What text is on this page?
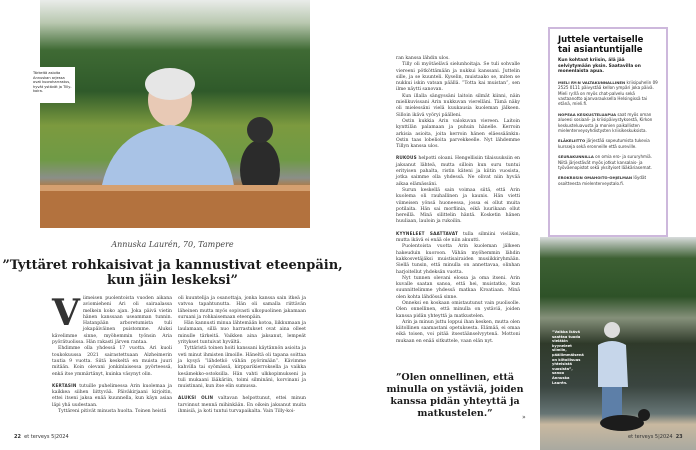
Tärkeitä asioita Annuskan arjessa ovat kuoroharrastus, hyvät ystävät ja Tilly-koira.
Annuska Laurén, 70, Tampere
”Tyttäret rohkaisivat ja kannustivat eteenpäin, kun jäin leskeksi”
V iimeisen puolentoista vuoden aikana aviomieheni Ari oli sairaalassa melkein koko ajan. Joka päivä vietin hänen kanssaan useamman tunnin. Hatanpään arboretumista tuli jokapäiväinen puistomme. Aluksi kävelimme sinne, myöhemmin työnsin Aria pyörätuolissa. Hän rakasti järven rantaa.

Ehdimme olla yhdessä 17 vuotta. Ari kuoli toukokuussa 2021 sairastettuaan Alzheimerin tautia 9 vuotta. Siitä keskeltä en muista juuri mitään. Koin olevani jonkinlaisessa pyörteessä, enkä itse ymmärtänyt, kuinka väsynyt olin.

KERTASIN tutuille puhelimessa Arin kuolemaa ja kaikkea siihen liittyvää. Päiväkirjaani kirjoitin, ettei itseni jaksa enää kuunnella, kun käyn asiaa läpi yhä uudestaan.

Tyttäreni pitivät minusta huolta. Toinen heistä

oli kuuntelija ja osanottaja, jonka kanssa sain itkeä ja vatvoa tapahtunutta. Hän oli samalla riittävän läheinen mutta myös sopivasti ulkopuolinen jakamaan suruani ja rohkaisemaan eteenpäin.

Hän kannusti minua lähtemään kotoa, liikkumaan ja laulamaan, sillä nuo harrastukset ovat aina olleet minulle tärkeitä. Vaikken aina jaksanut, lempeät yritykset tuntuivat hyvältä.

Tyttäristä toinen hoiti kanssani käytännön asioita ja veti minut ihmisten ilmoille. Häneltä oli tapana soittaa ja kysyä ”lähdetkö vähän pyörimään”. Kävimme kahvilla tai syömässä, kirpparikierroksella ja vaikka kesämekko-ostoksilla. Hän vahti ulkkopimukseni ja tuli mukaani lääkäriin, toimi silminäni, korvinani ja muistinani, kun itse elin sumussa.

ALUKSI OLIN valtavan helpottunut, ettei minun tarvinnut mennä mihinkään. En oikein jaksanut muita ihmisiä, ja koti tuntui turvapaikalta. Vain Tilly-koi-

22 et terveys 5|2024

ran kanssa lähdin ulos.

Tilly oli myötäelävä sielunhoitaja. Se tuli sohvalle viereeni pötköttämään ja nukkui kanssani. Juttelin sille, ja se kuunteli. Kyselin, muistaako se, miten se nukkui iskin vatsan päällä. ”Totta kai muistan”, sen ilme näytti sanovan.

Kun illalla sängyssäni laitoin silmät kiinni, näin mielikuvissani Arin nukkuvan vierelläni. Tämä näky oli mielessäni vielä kuukausia kuoleman jälkeen. Silloin ikävä vyöryi päälleni.

Ostin kukkia Arin valokuvan viereen. Laitoin kynttilän palamaan ja puhuin hänelle. Kerroin arkisia asioita, joita kerroin hänen eläessäänkin: Ostin taas lobelioita parvekkeelle. Nyt lähdemme Tillyn kanssa ulos.

RUKOUS helpotti oloani. Hengellisiin tilaisuuksiin en jaksanut lähteä, mutta silloin kun suru tuntui erityisen pahalta, ristin käteni ja kiitin vuosista, jotka saimme olla yhdessä. Ne olivat niin hyvää aikaa elämässäni.

Surun keskellä sain voimaa siitä, että Arin kuolema oli rauhallinen ja kaunis. Hän vietti viimeisen yönsä huoneessa, jossa ei ollut muita potilaita. Hän sai morfiinia, eikä luurikaan ollut hereillä. Minä silittelin häntä. Kosketin hänen huuliaan, lauloin ja rukoilin.

KYYNELEET SAATTAVAT tulla silmiini vieläkin, mutta ikävä ei enää ole niin akuutti.

Puolentoista vuotta Arin kuoleman jälkeen hakeuduin kuoroon. Vähän myöhemmin lähdin kakkosvetäjäksi muistisairaiden musiikkiryhmään. Siellä tunsin, että minulla on annettavaa, olinhan harjoitellut yhdeksän vuotta.

Nyt tunnen olevani elossa ja oma itseni. Arin kuvalle saatan sanoa, että hei, muistatko, kun suunnittelimme yhdessä matkaa Kroatiaan. Minä olen kohta lähdössä sinne.

Onneksi en koskaan omistautunut vain puolisolle. Olen onnellinen, että minulla on ystäviä, joiden kanssa pidän yhteyttä ja matkustelen.

Arin ja minun juttu loppui ihan kesken, mutta olen kiitollinen saamastani opetuksesta. Elämää, ei omaa eikä toisen, voi pitää itsestäänselvyytenä. Mottoni mukaan en enää sitkuttele, vaan elän nyt.

”Olen onnellinen, että minulla on ystäviä, joiden kanssa pidän yhteyttä ja matkustelen.”	»
Juttele vertaiselle tai asiantuntijalle
Kun kohtaat kriisin, älä jää selviytymään yksin. Saatavilla on monenlaista apua.

MIELI RY:N VALTAKUNNALLINEN kriisipuhelin 09 2525 0111 päivystää kellon ympäri joka päivä. Mieli ry:llä on myös chat-palvelu sekä vastaanotto ajanvarauksella Helsingissä tai etänä, mieli.fi.

NOPEAA KESKUSTELUAPUA saat myös oman alueesi sosiaali- ja kriisipäivystyksestä, Kirkon keskusteluavusta ja monien paikallisten mielenterveysyhdistysten kriisikeskuksista.

ELÄKELIITTO järjestää sopeutumista tukevia kursseja sekä eronneille että sureville.

SEURAKUNNILLA on omia ero- ja sururyhmiä. Niitä järjestävät myös jotkut kansalais- ja työväenopistot sekä yksityiset lääkäriasemat.

EROKRIISIN OMAHOITO-OHJELMAN löydät osoitteesta mielenterveystalo.fi.

”Vaikka ikävä saattaa tuoda vieläkin kyyneleet silmiin, päällimmäisenä on kiitollisuus yhteisistä vuosista”, sanoo Annuska Laurén.
et terveys 5|2024 23
